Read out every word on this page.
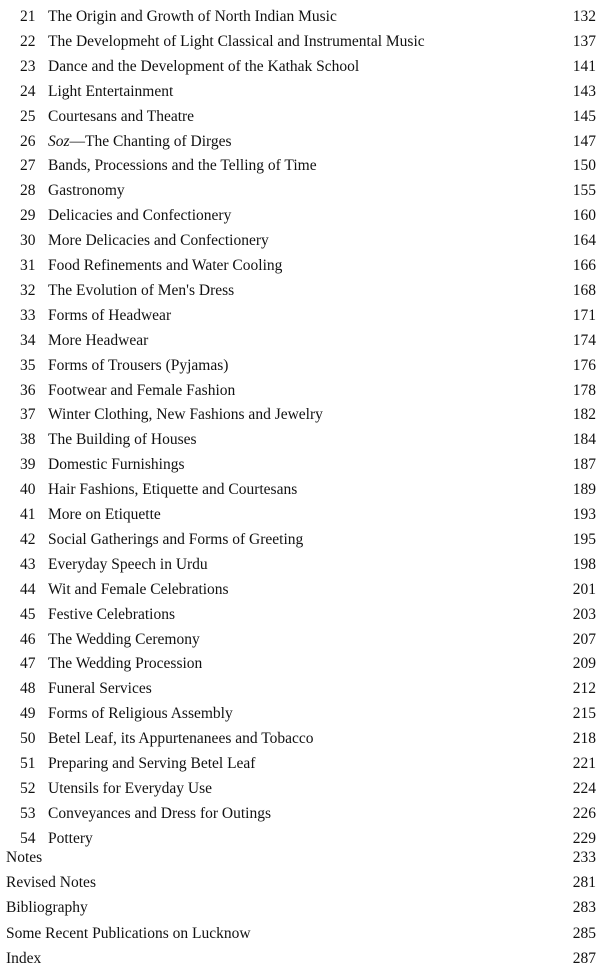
21 The Origin and Growth of North Indian Music	132
22 The Developmeht of Light Classical and Instrumental Music	137
23 Dance and the Development of the Kathak School	141
24 Light Entertainment	143
25 Courtesans and Theatre	145
26 Soz—The Chanting of Dirges	147
27 Bands, Processions and the Telling of Time	150
28 Gastronomy	155
29 Delicacies and Confectionery	160
30 More Delicacies and Confectionery	164
31 Food Refinements and Water Cooling	166
32 The Evolution of Men's Dress	168
33 Forms of Headwear	171
34 More Headwear	174
35 Forms of Trousers (Pyjamas)	176
36 Footwear and Female Fashion	178
37 Winter Clothing, New Fashions and Jewelry	182
38 The Building of Houses	184
39 Domestic Furnishings	187
40 Hair Fashions, Etiquette and Courtesans	189
41 More on Etiquette	193
42 Social Gatherings and Forms of Greeting	195
43 Everyday Speech in Urdu	198
44 Wit and Female Celebrations	201
45 Festive Celebrations	203
46 The Wedding Ceremony	207
47 The Wedding Procession	209
48 Funeral Services	212
49 Forms of Religious Assembly	215
50 Betel Leaf, its Appurtenanees and Tobacco	218
51 Preparing and Serving Betel Leaf	221
52 Utensils for Everyday Use	224
53 Conveyances and Dress for Outings	226
54 Pottery	229
Notes	233
Revised Notes	281
Bibliography	283
Some Recent Publications on Lucknow	285
Index	287
